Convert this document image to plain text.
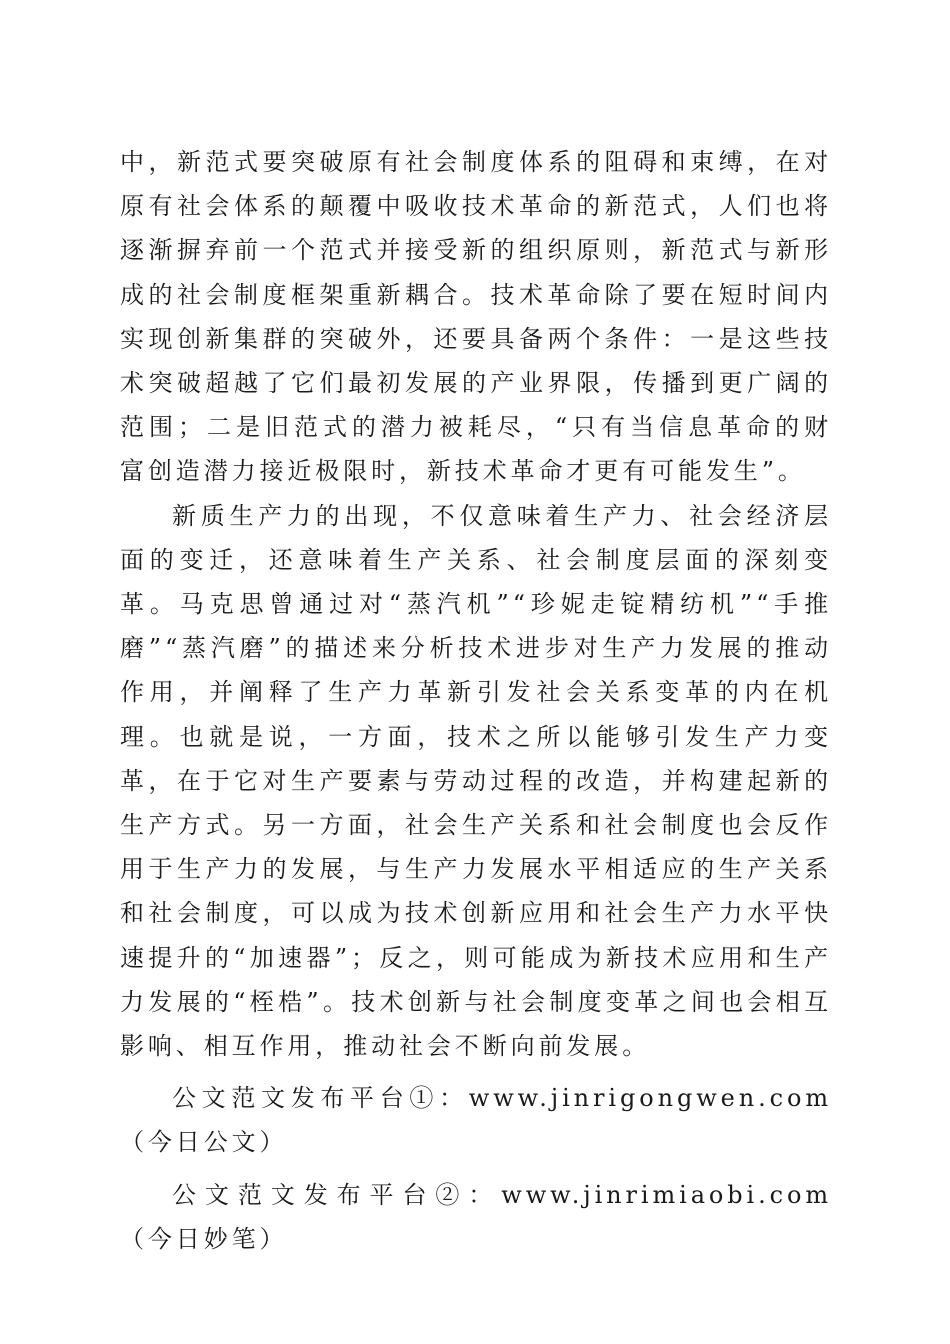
中，新范式要突破原有社会制度体系的阻碍和束缚，在对原有社会体系的颠覆中吸收技术革命的新范式，人们也将逐渐摒弃前一个范式并接受新的组织原则，新范式与新形成的社会制度框架重新耦合。技术革命除了要在短时间内实现创新集群的突破外，还要具备两个条件：一是这些技术突破超越了它们最初发展的产业界限，传播到更广阔的范围；二是旧范式的潜力被耗尽，“只有当信息革命的财富创造潜力接近极限时，新技术革命才更有可能发生”。

新质生产力的出现，不仅意味着生产力、社会经济层面的变迁，还意味着生产关系、社会制度层面的深刻变革。马克思曾通过对“蒸汽机”“珍妮走锭精纺机”“手推磨”“蒸汽磨”的描述来分析技术进步对生产力发展的推动作用，并阐释了生产力革新引发社会关系变革的内在机理。也就是说，一方面，技术之所以能够引发生产力变革，在于它对生产要素与劳动过程的改造，并构建起新的生产方式。另一方面，社会生产关系和社会制度也会反作用于生产力的发展，与生产力发展水平相适应的生产关系和社会制度，可以成为技术创新应用和社会生产力水平快速提升的“加速器”；反之，则可能成为新技术应用和生产力发展的“桎梏”。技术创新与社会制度变革之间也会相互影响、相互作用，推动社会不断向前发展。

公文范文发布平台①：www.jinrigongwen.com（今日公文）

公文范文发布平台②：www.jinrimiaobi.com（今日妙笔）
